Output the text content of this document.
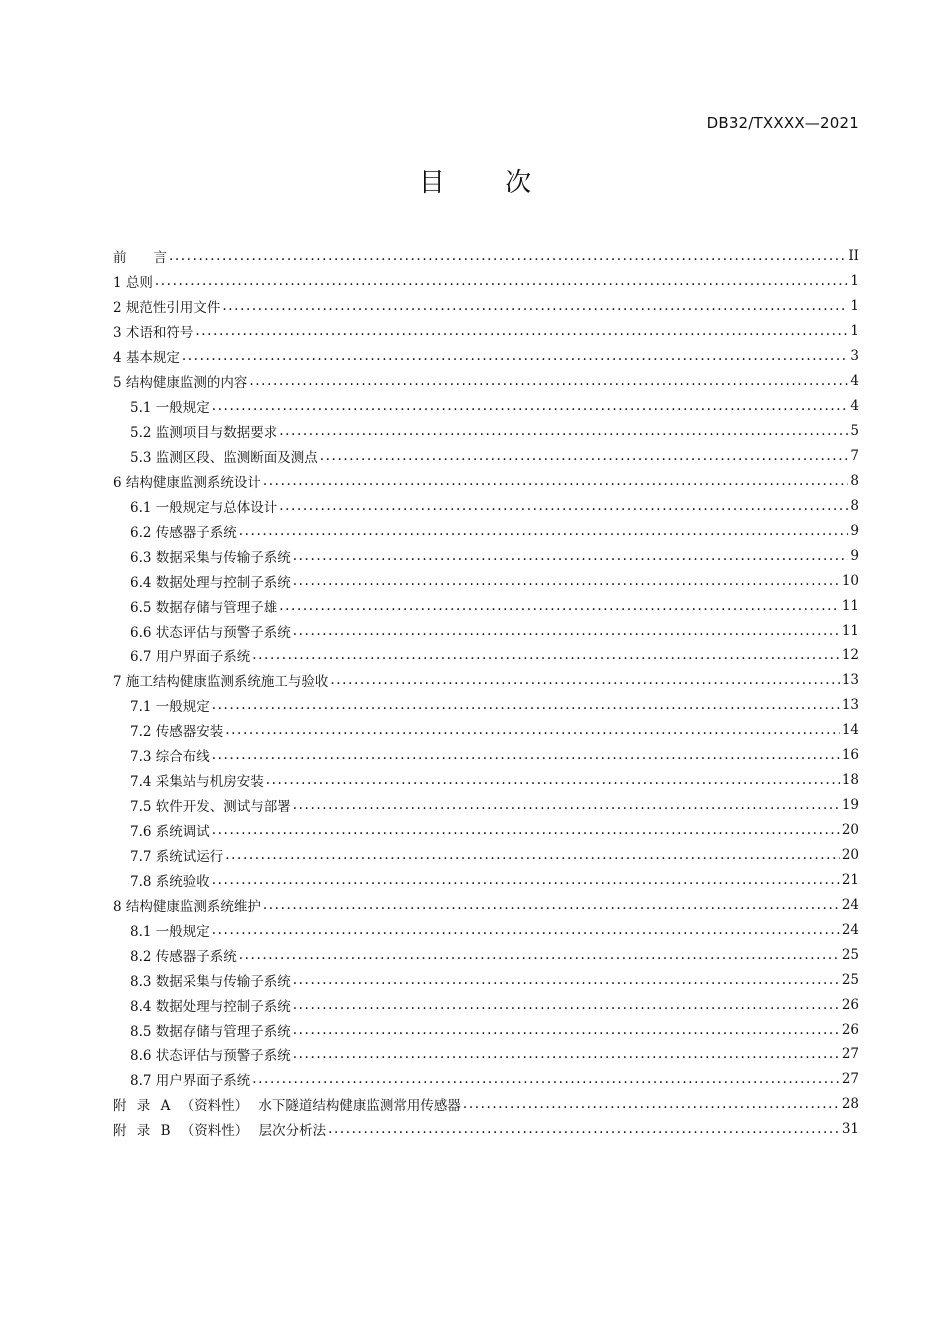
DB32/TXXXX—2021
目 次
前　　言 .....	II
1 总则 .....	1
2 规范性引用文件 .....	1
3 术语和符号 .....	1
4 基本规定 .....	3
5 结构健康监测的内容 .....	4
5.1 一般规定 .....	4
5.2 监测项目与数据要求 .....	5
5.3 监测区段、监测断面及测点 .....	7
6 结构健康监测系统设计 .....	8
6.1 一般规定与总体设计 .....	8
6.2 传感器子系统 .....	9
6.3 数据采集与传输子系统 .....	9
6.4 数据处理与控制子系统 .....	10
6.5 数据存储与管理子雄 .....	11
6.6 状态评估与预警子系统 .....	11
6.7 用户界面子系统 .....	12
7 施工结构健康监测系统施工与验收 .....	13
7.1 一般规定 .....	13
7.2 传感器安装 .....	14
7.3 综合布线 .....	16
7.4 采集站与机房安装 .....	18
7.5 软件开发、测试与部署 .....	19
7.6 系统调试 .....	20
7.7 系统试运行 .....	20
7.8 系统验收 .....	21
8 结构健康监测系统维护 .....	24
8.1 一般规定 .....	24
8.2 传感器子系统 .....	25
8.3 数据采集与传输子系统 .....	25
8.4 数据处理与控制子系统 .....	26
8.5 数据存储与管理子系统 .....	26
8.6 状态评估与预警子系统 .....	27
8.7 用户界面子系统 .....	27
附 录 A （资料性） 水下隧道结构健康监测常用传感器 .....	28
附 录 B （资料性） 层次分析法 .....	31
